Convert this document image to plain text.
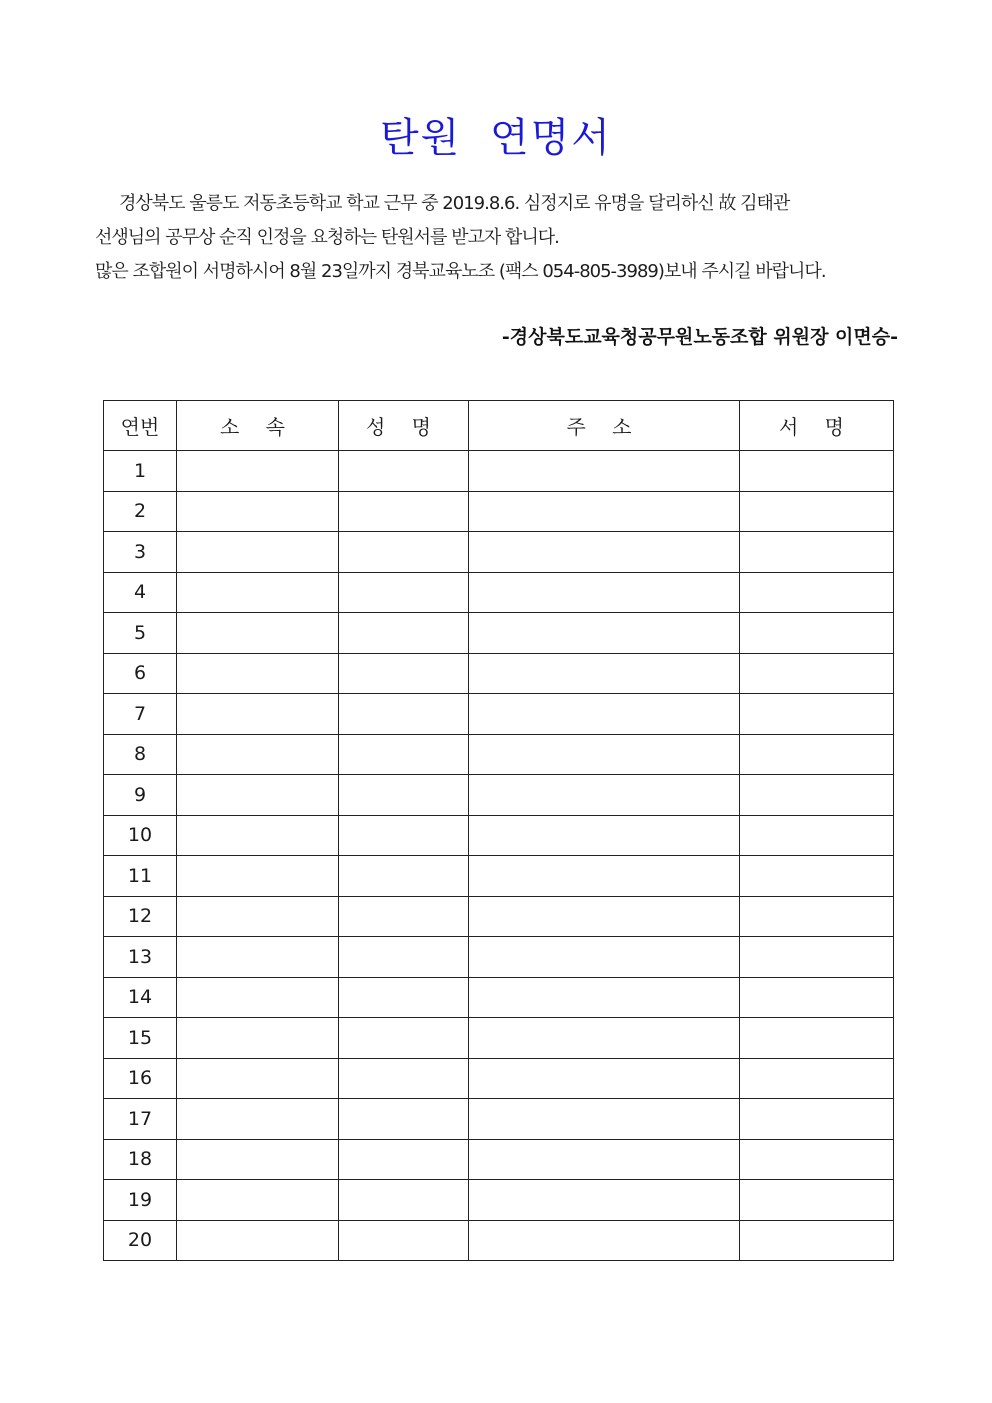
탄원 연명서
경상북도 울릉도 저동초등학교 학교 근무 중 2019.8.6. 심정지로 유명을 달리하신 故 김태관
선생님의 공무상 순직 인정을 요청하는 탄원서를 받고자 합니다.
많은 조합원이 서명하시어 8월 23일까지 경북교육노조 (팩스 054-805-3989)보내 주시길 바랍니다.
-경상북도교육청공무원노동조합 위원장 이면승-
연번	소 속	성 명	주 소	서 명
1				
2				
3				
4				
5				
6				
7				
8				
9				
10				
11				
12				
13				
14				
15				
16				
17				
18				
19				
20				
